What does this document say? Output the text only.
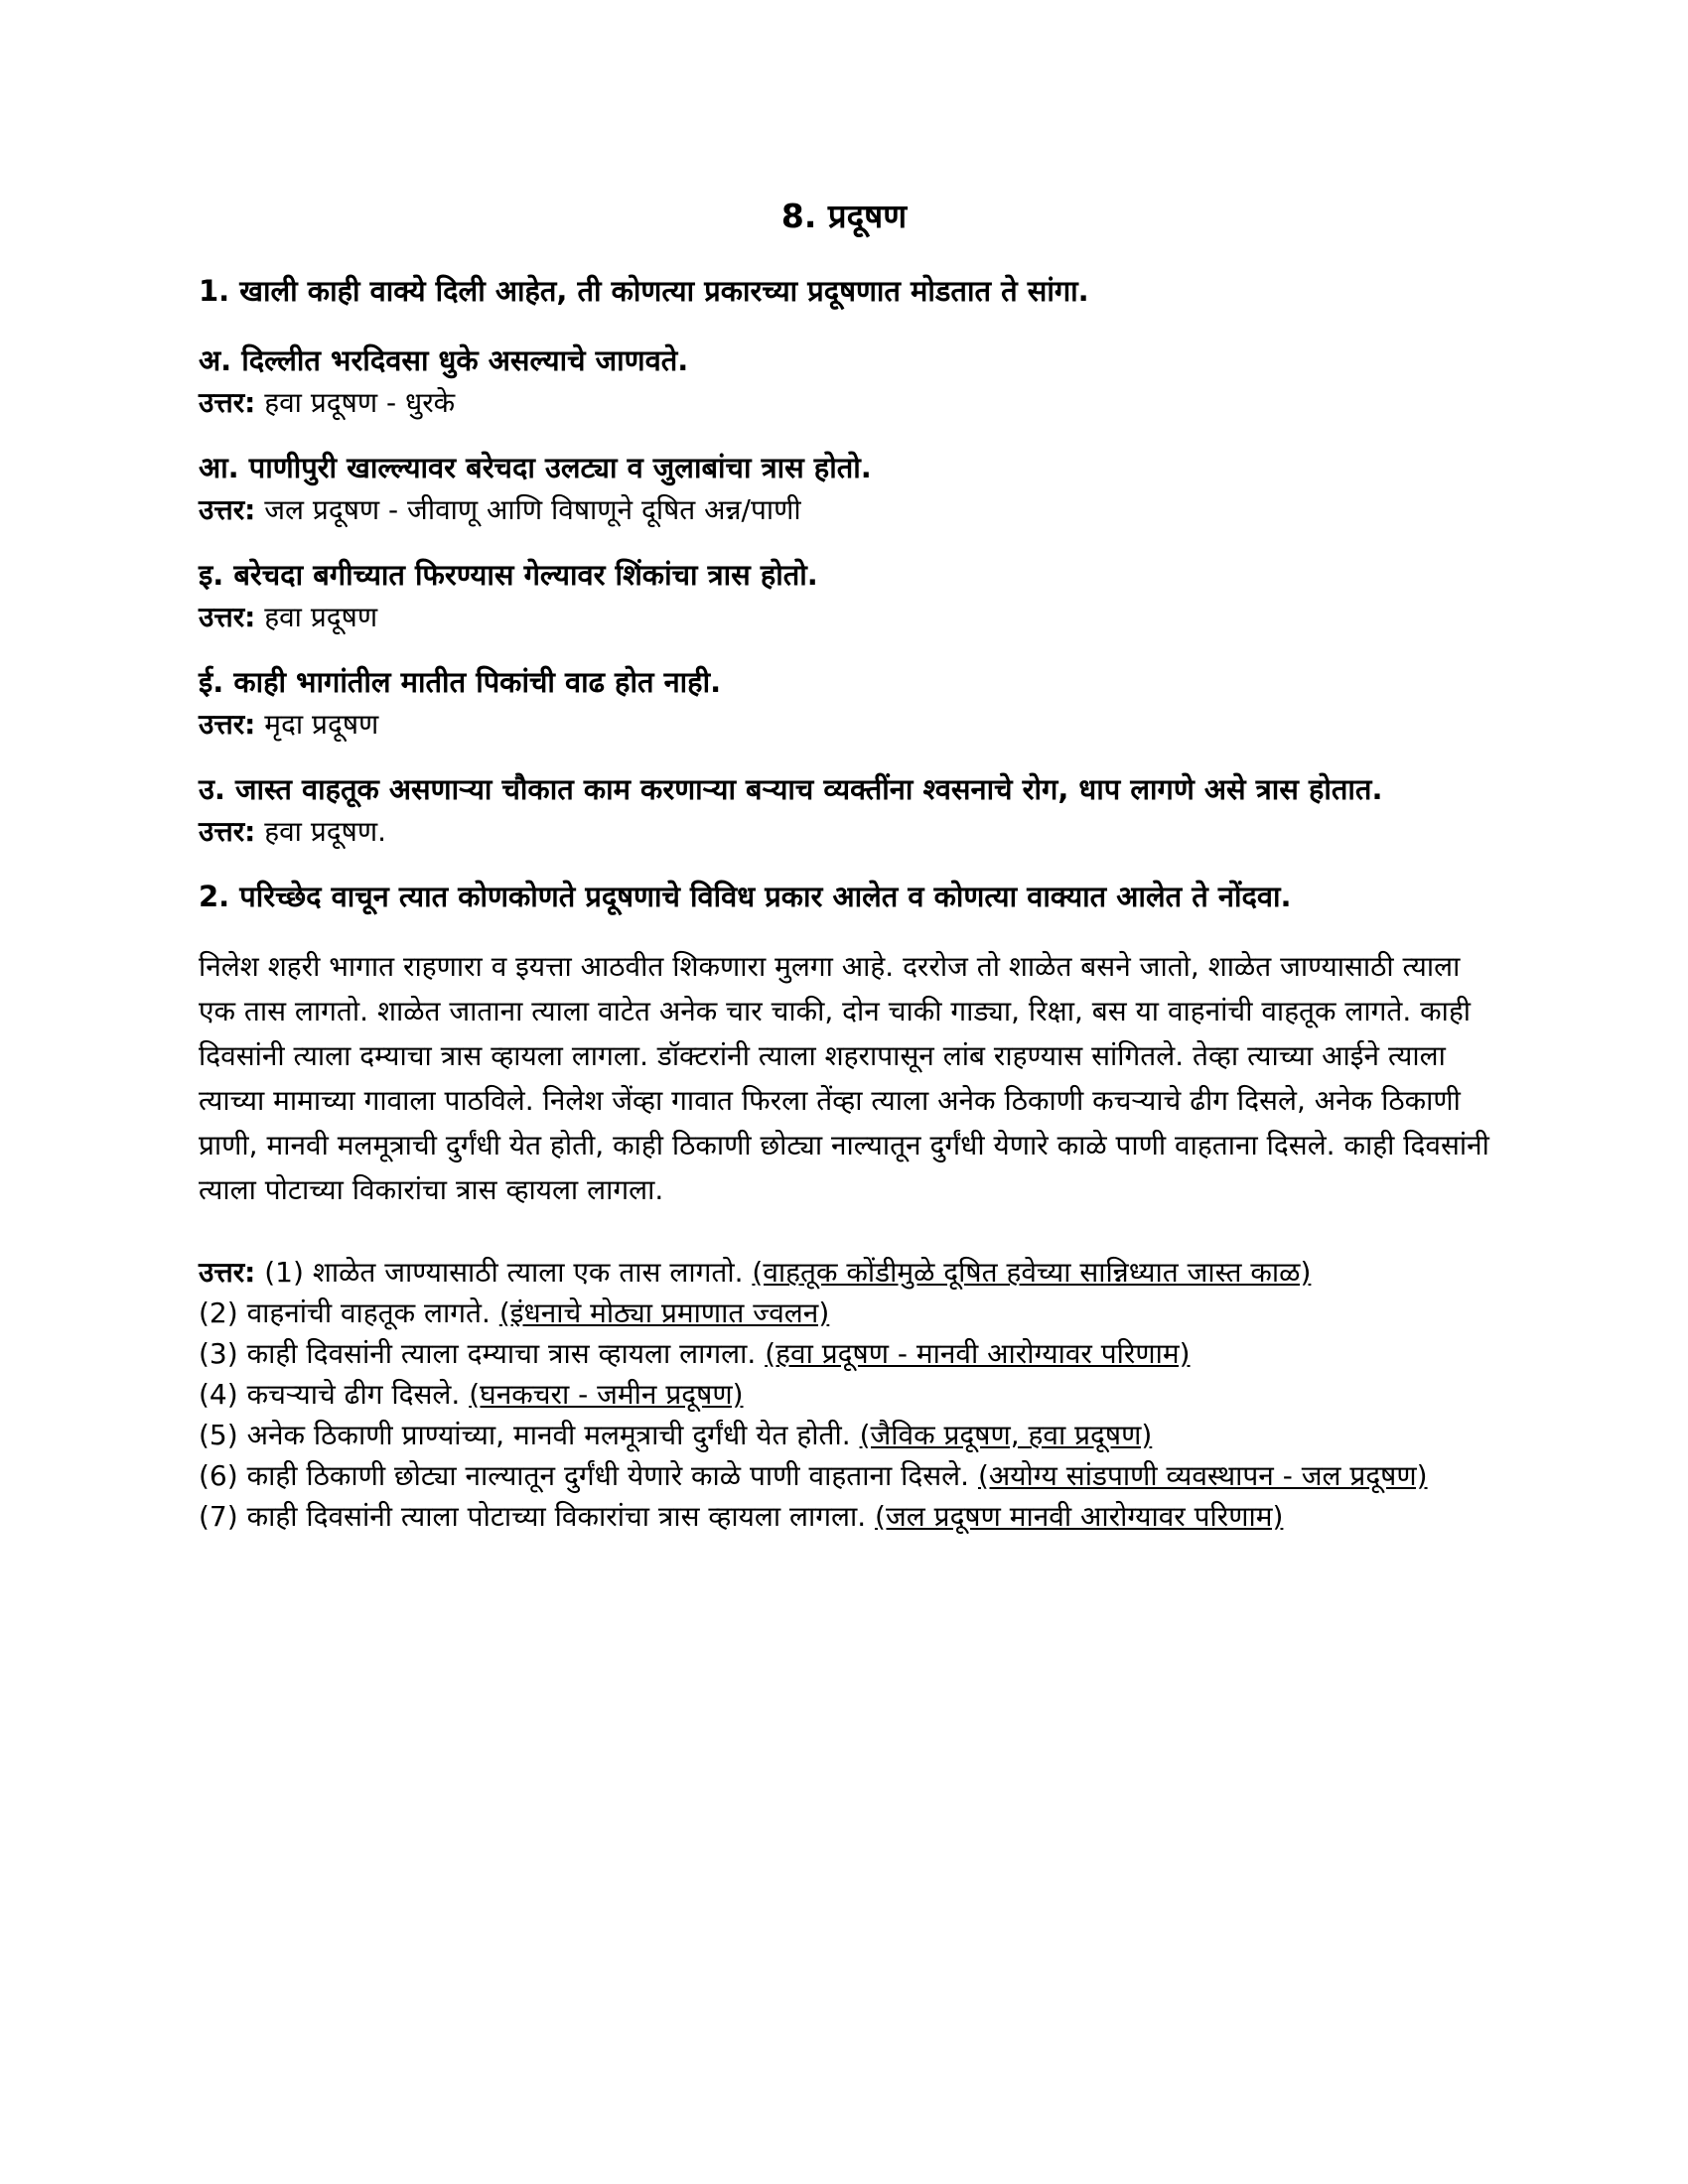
8. प्रदूषण
1. खाली काही वाक्ये दिली आहेत, ती कोणत्या प्रकारच्या प्रदूषणात मोडतात ते सांगा.
अ. दिल्लीत भरदिवसा धुके असल्याचे जाणवते.
उत्तर: हवा प्रदूषण - धुरके
आ. पाणीपुरी खाल्ल्यावर बरेचदा उलट्या व जुलाबांचा त्रास होतो.
उत्तर: जल प्रदूषण - जीवाणू आणि विषाणूने दूषित अन्न/पाणी
इ. बरेचदा बगीच्यात फिरण्यास गेल्यावर शिंकांचा त्रास होतो.
उत्तर: हवा प्रदूषण
ई. काही भागांतील मातीत पिकांची वाढ होत नाही.
उत्तर: मृदा प्रदूषण
उ. जास्त वाहतूक असणाऱ्या चौकात काम करणाऱ्या बऱ्याच व्यक्तींना श्वसनाचे रोग, धाप लागणे असे त्रास होतात.
उत्तर: हवा प्रदूषण.
2. परिच्छेद वाचून त्यात कोणकोणते प्रदूषणाचे विविध प्रकार आलेत व कोणत्या वाक्यात आलेत ते नोंदवा.

निलेश शहरी भागात राहणारा व इयत्ता आठवीत शिकणारा मुलगा आहे. दररोज तो शाळेत बसने जातो, शाळेत जाण्यासाठी त्याला एक तास लागतो. शाळेत जाताना त्याला वाटेत अनेक चार चाकी, दोन चाकी गाड्या, रिक्षा, बस या वाहनांची वाहतूक लागते. काही दिवसांनी त्याला दम्याचा त्रास व्हायला लागला. डॉक्टरांनी त्याला शहरापासून लांब राहण्यास सांगितले. तेव्हा त्याच्या आईने त्याला त्याच्या मामाच्या गावाला पाठविले. निलेश जेंव्हा गावात फिरला तेंव्हा त्याला अनेक ठिकाणी कचऱ्याचे ढीग दिसले, अनेक ठिकाणी प्राणी, मानवी मलमूत्राची दुर्गंधी येत होती, काही ठिकाणी छोट्या नाल्यातून दुर्गंधी येणारे काळे पाणी वाहताना दिसले. काही दिवसांनी त्याला पोटाच्या विकारांचा त्रास व्हायला लागला.

उत्तर: (1) शाळेत जाण्यासाठी त्याला एक तास लागतो. (वाहतूक कोंडीमुळे दूषित हवेच्या सान्निध्यात जास्त काळ)

(2) वाहनांची वाहतूक लागते. (इंधनाचे मोठ्या प्रमाणात ज्वलन)

(3) काही दिवसांनी त्याला दम्याचा त्रास व्हायला लागला. (हवा प्रदूषण - मानवी आरोग्यावर परिणाम)

(4) कचऱ्याचे ढीग दिसले. (घनकचरा - जमीन प्रदूषण)

(5) अनेक ठिकाणी प्राण्यांच्या, मानवी मलमूत्राची दुर्गंधी येत होती. (जैविक प्रदूषण, हवा प्रदूषण)

(6) काही ठिकाणी छोट्या नाल्यातून दुर्गंधी येणारे काळे पाणी वाहताना दिसले. (अयोग्य सांडपाणी व्यवस्थापन - जल प्रदूषण)

(7) काही दिवसांनी त्याला पोटाच्या विकारांचा त्रास व्हायला लागला. (जल प्रदूषण मानवी आरोग्यावर परिणाम)
